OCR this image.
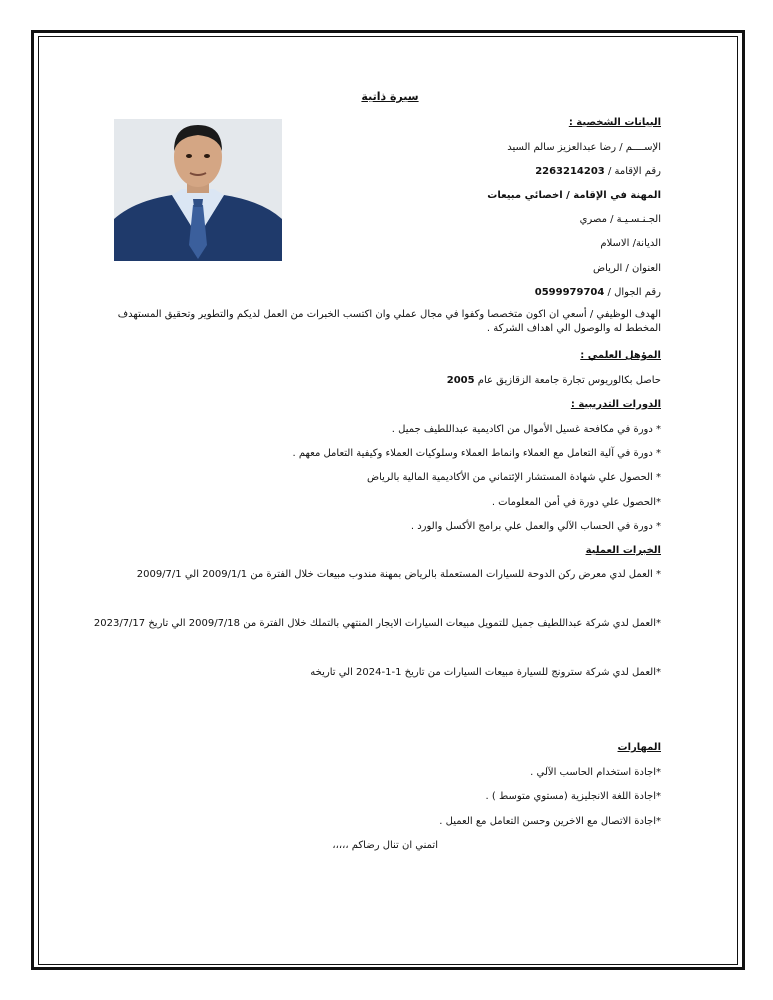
سيرة ذاتية
البيانات الشخصية :
الإســــم / رضا عبدالعزيز سالم السيد
رقم الإقامة / 2263214203
المهنة في الإقامة / اخصائي مبيعات
الجـنـسـيـة / مصري
الديانة/ الاسلام
العنوان / الرياض
رقم الجوال / 0599979704
الهدف الوظيفي / أسعي ان اكون متخصصا وكفوا في مجال عملي وان اكتسب الخبرات من العمل لديكم والتطوير وتحقيق المستهدف المخطط له والوصول الي اهداف الشركة .
المؤهل العلمي :
حاصل بكالوريوس تجارة جامعة الزقازيق عام 2005
الدورات التدريبية :
* دورة في مكافحة غسيل الأموال من اكاديمية عبداللطيف جميل .
* دورة في آلية التعامل مع العملاء وانماط العملاء وسلوكيات العملاء وكيفية التعامل معهم .
* الحصول علي شهادة المستشار الإئتماني من الأكاديمية المالية بالرياض
*الحصول علي دورة في أمن المعلومات .
* دورة في الحساب الآلي والعمل علي برامج الأكسل والورد .
الخبرات العملية
* العمل لدي معرض ركن الدوحة للسيارات المستعملة بالرياض بمهنة مندوب مبيعات خلال الفترة من 2009/1/1 الي 2009/7/1
*العمل لدي شركة عبداللطيف جميل للتمويل مبيعات السيارات الايجار المنتهي بالتملك خلال الفترة من 2009/7/18 الي تاريخ 2023/7/17
*العمل لدي شركة سترونج للسيارة مبيعات السيارات من تاريخ 1-1-2024 الي تاريخه
المهارات
*اجادة استخدام الحاسب الآلي .
*اجادة اللغة الانجليزية (مستوي متوسط ) .
*اجادة الاتصال مع الاخرين وحسن التعامل مع العميل .
اتمني ان تنال رضاكم ،،،،،
